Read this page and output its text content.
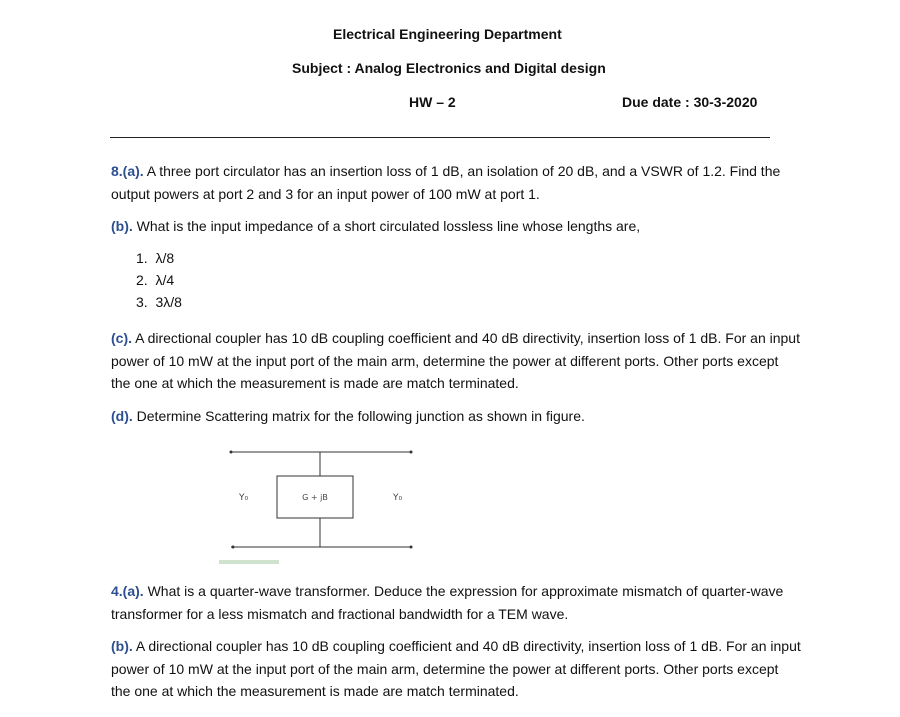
Electrical Engineering Department
Subject : Analog Electronics and Digital design
HW – 2	Due date : 30-3-2020
8.(a). A three port circulator has an insertion loss of 1 dB, an isolation of 20 dB, and a VSWR of 1.2. Find the output powers at port 2 and 3 for an input power of 100 mW at port 1.
(b). What is the input impedance of a short circulated lossless line whose lengths are,
1. λ/8
2. λ/4
3. 3λ/8
(c). A directional coupler has 10 dB coupling coefficient and 40 dB directivity, insertion loss of 1 dB. For an input power of 10 mW at the input port of the main arm, determine the power at different ports. Other ports except the one at which the measurement is made are match terminated.
(d). Determine Scattering matrix for the following junction as shown in figure.
G + jB
Y₀	Y₀
4.(a). What is a quarter-wave transformer. Deduce the expression for approximate mismatch of quarter-wave transformer for a less mismatch and fractional bandwidth for a TEM wave.
(b). A directional coupler has 10 dB coupling coefficient and 40 dB directivity, insertion loss of 1 dB. For an input power of 10 mW at the input port of the main arm, determine the power at different ports. Other ports except the one at which the measurement is made are match terminated.
